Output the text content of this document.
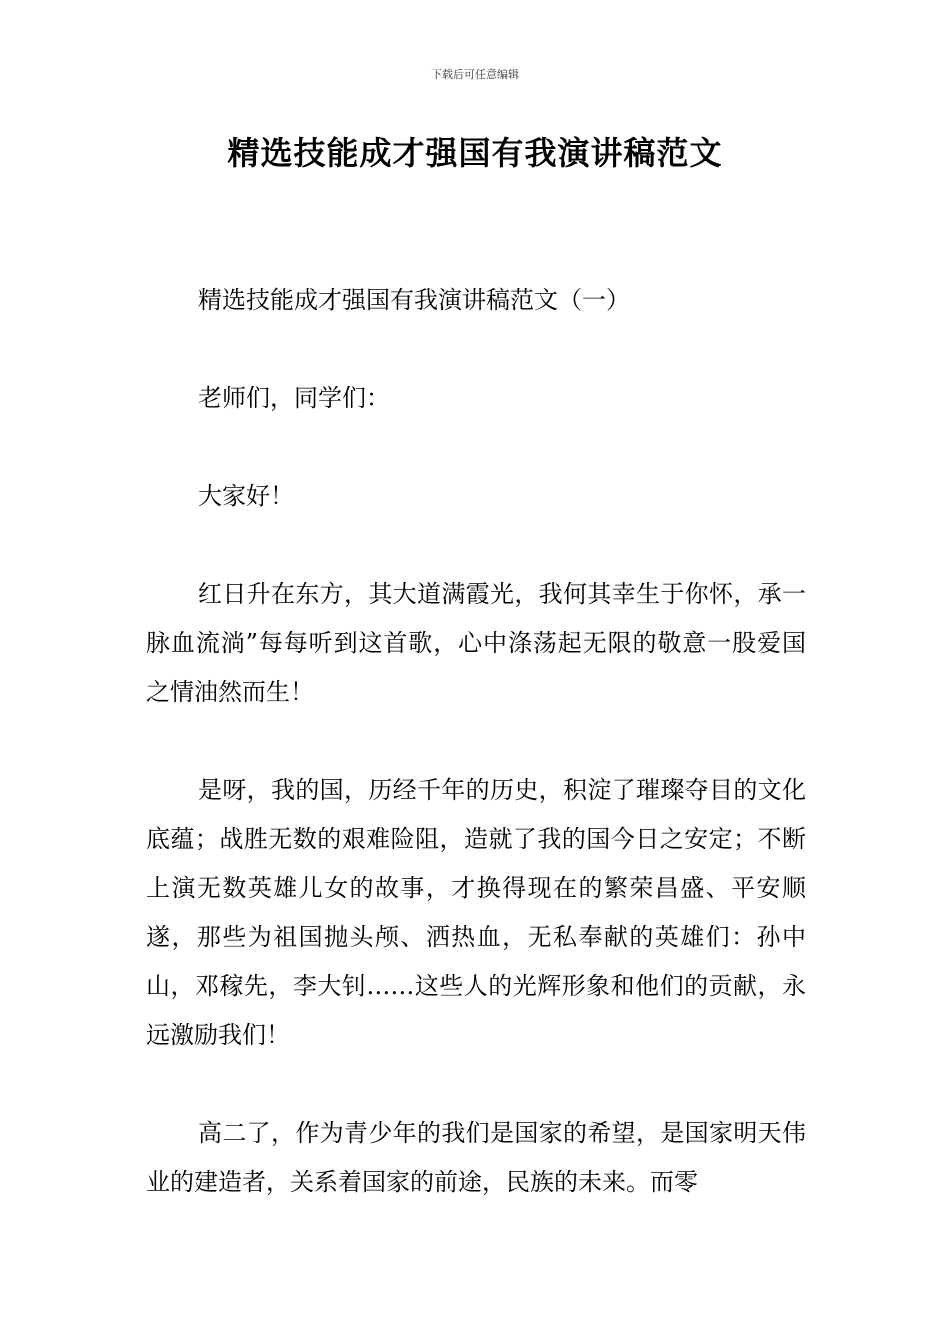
下载后可任意编辑
精选技能成才强国有我演讲稿范文

精选技能成才强国有我演讲稿范文（一）

老师们，同学们：

大家好！

红日升在东方，其大道满霞光，我何其幸生于你怀，承一脉血流淌”每每听到这首歌，心中涤荡起无限的敬意一股爱国之情油然而生！

是呀，我的国，历经千年的历史，积淀了璀璨夺目的文化底蕴；战胜无数的艰难险阻，造就了我的国今日之安定；不断上演无数英雄儿女的故事，才换得现在的繁荣昌盛、平安顺遂，那些为祖国抛头颅、洒热血，无私奉献的英雄们：孙中山，邓稼先，李大钊……这些人的光辉形象和他们的贡献，永远激励我们！

高二了，作为青少年的我们是国家的希望，是国家明天伟业的建造者，关系着国家的前途，民族的未来。而零
